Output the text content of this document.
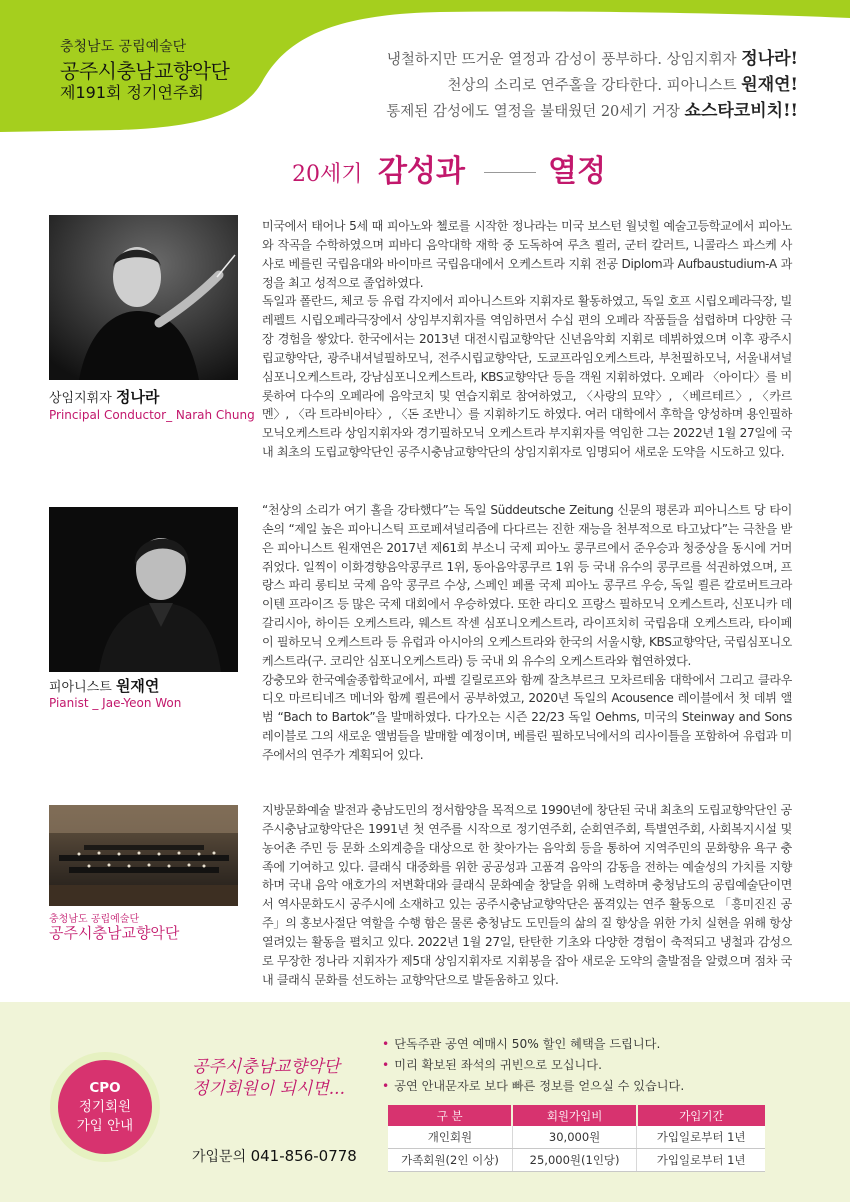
충청남도 공립예술단
공주시충남교향악단
제191회 정기연주회
냉철하지만 뜨거운 열정과 감성이 풍부하다. 상임지휘자 정나라!
천상의 소리로 연주홀을 강타한다. 피아니스트 원재연!
통제된 감성에도 열정을 불태웠던 20세기 거장 쇼스타코비치!!
20세기 감성과	열정
상임지휘자 정나라
Principal Conductor_ Narah Chung

미국에서 태어나 5세 때 피아노와 첼로를 시작한 정나라는 미국 보스턴 월넛힐 예술고등학교에서 피아노와 작곡을 수학하였으며 피바디 음악대학 재학 중 도독하여 루츠 쾰러, 군터 칼러트, 니콜라스 파스케 사사로 베를린 국립음대와 바이마르 국립음대에서 오케스트라 지휘 전공 Diplom과 Aufbaustudium-A 과정을 최고 성적으로 졸업하였다.

독일과 폴란드, 체코 등 유럽 각지에서 피아니스트와 지휘자로 활동하였고, 독일 호프 시립오페라극장, 빌레펠트 시립오페라극장에서 상임부지휘자를 역임하면서 수십 편의 오페라 작품들을 섭렵하며 다양한 극장 경험을 쌓았다. 한국에서는 2013년 대전시립교향악단 신년음악회 지휘로 데뷔하였으며 이후 광주시립교향악단, 광주내셔널필하모닉, 전주시립교향악단, 도쿄프라임오케스트라, 부천필하모닉, 서울내셔널심포니오케스트라, 강남심포니오케스트라, KBS교향악단 등을 객원 지휘하였다. 오페라 〈아이다〉를 비롯하여 다수의 오페라에 음악코치 및 연습지휘로 참여하였고, 〈사랑의 묘약〉, 〈베르테르〉, 〈카르멘〉, 〈라 트라비아타〉, 〈돈 조반니〉를 지휘하기도 하였다. 여러 대학에서 후학을 양성하며 용인필하모닉오케스트라 상임지휘자와 경기필하모닉 오케스트라 부지휘자를 역임한 그는 2022년 1월 27일에 국내 최초의 도립교향악단인 공주시충남교향악단의 상임지휘자로 임명되어 새로운 도약을 시도하고 있다.

피아니스트 원재연
Pianist _ Jae-Yeon Won

“천상의 소리가 여기 홀을 강타했다”는 독일 Süddeutsche Zeitung 신문의 평론과 피아니스트 당 타이 손의 “제일 높은 피아니스틱 프로페셔널리즘에 다다르는 진한 재능을 천부적으로 타고났다”는 극찬을 받은 피아니스트 원재연은 2017년 제61회 부소니 국제 피아노 콩쿠르에서 준우승과 청중상을 동시에 거머쥐었다. 일찍이 이화경향음악콩쿠르 1위, 동아음악콩쿠르 1위 등 국내 유수의 콩쿠르를 석권하였으며, 프랑스 파리 롱티보 국제 음악 콩쿠르 수상, 스페인 페롤 국제 피아노 콩쿠르 우승, 독일 쾰른 칼로버트크라이텐 프라이즈 등 많은 국제 대회에서 우승하였다. 또한 라디오 프랑스 필하모닉 오케스트라, 신포니카 데 갈리시아, 하이든 오케스트라, 웨스트 작센 심포니오케스트라, 라이프치히 국립음대 오케스트라, 타이페이 필하모닉 오케스트라 등 유럽과 아시아의 오케스트라와 한국의 서울시향, KBS교향악단, 국립심포니오케스트라(구. 코리안 심포니오케스트라) 등 국내 외 유수의 오케스트라와 협연하였다.

강충모와 한국예술종합학교에서, 파벨 길릴로프와 함께 잘츠부르크 모차르테움 대학에서 그리고 클라우디오 마르티네즈 메너와 함께 쾰른에서 공부하였고, 2020년 독일의 Acousence 레이블에서 첫 데뷔 앨범 “Bach to Bartok”을 발매하였다. 다가오는 시즌 22/23 독일 Oehms, 미국의 Steinway and Sons 레이블로 그의 새로운 앨범들을 발매할 예정이며, 베를린 필하모닉에서의 리사이틀을 포함하여 유럽과 미주에서의 연주가 계획되어 있다.

충청남도 공립예술단
공주시충남교향악단

지방문화예술 발전과 충남도민의 정서함양을 목적으로 1990년에 창단된 국내 최초의 도립교향악단인 공주시충남교향악단은 1991년 첫 연주를 시작으로 정기연주회, 순회연주회, 특별연주회, 사회복지시설 및 농어촌 주민 등 문화 소외계층을 대상으로 한 찾아가는 음악회 등을 통하여 지역주민의 문화향유 욕구 충족에 기여하고 있다. 클래식 대중화를 위한 공공성과 고품격 음악의 감동을 전하는 예술성의 가치를 지향하며 국내 음악 애호가의 저변확대와 클래식 문화예술 창달을 위해 노력하며 충청남도의 공립예술단이면서 역사문화도시 공주시에 소재하고 있는 공주시충남교향악단은 품격있는 연주 활동으로 「흥미진진 공주」의 홍보사절단 역할을 수행 함은 물론 충청남도 도민들의 삶의 질 향상을 위한 가치 실현을 위해 항상 열려있는 활동을 펼치고 있다. 2022년 1월 27일, 탄탄한 기초와 다양한 경험이 축적되고 냉철과 감성으로 무장한 정나라 지휘자가 제5대 상임지휘자로 지휘봉을 잡아 새로운 도약의 출발점을 알렸으며 점차 국내 클래식 문화를 선도하는 교향악단으로 발돋움하고 있다.

CPO
정기회원
가입 안내
공주시충남교향악단
정기회원이 되시면...
가입문의 041-856-0778
• 단독주관 공연 예매시 50% 할인 혜택을 드립니다.
• 미리 확보된 좌석의 귀빈으로 모십니다.
• 공연 안내문자로 보다 빠른 정보를 얻으실 수 있습니다.
구 분	회원가입비	가입기간
개인회원	30,000원	가입일로부터 1년
가족회원(2인 이상)	25,000원(1인당)	가입일로부터 1년
